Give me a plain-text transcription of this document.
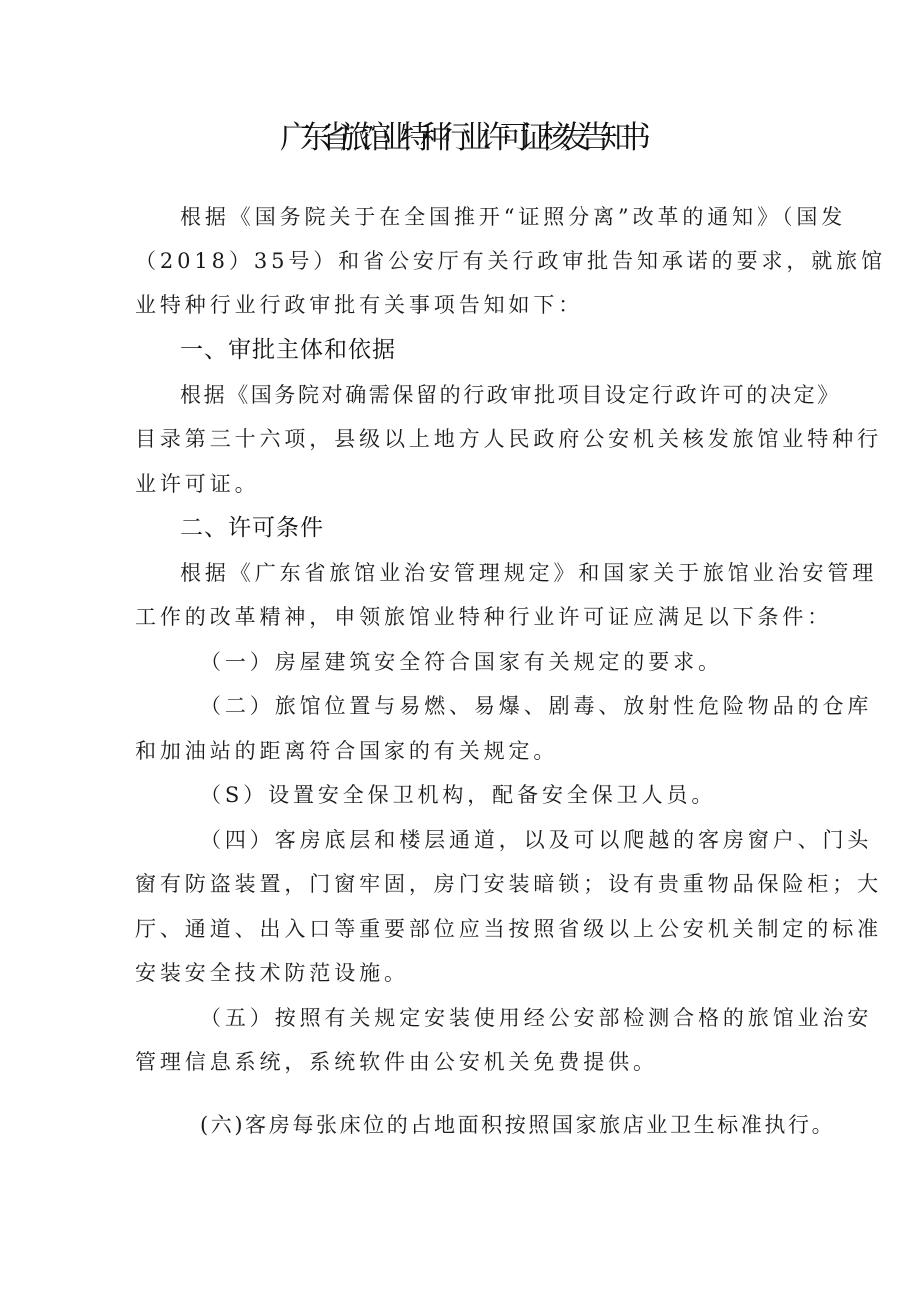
广东省旅馆业特种行业许可证核发告知书
根据《国务院关于在全国推开“证照分离”改革的通知》（国发
（2018）35号）和省公安厅有关行政审批告知承诺的要求，就旅馆
业特种行业行政审批有关事项告知如下：
一、审批主体和依据
根据《国务院对确需保留的行政审批项目设定行政许可的决定》
目录第三十六项，县级以上地方人民政府公安机关核发旅馆业特种行
业许可证。
二、许可条件
根据《广东省旅馆业治安管理规定》和国家关于旅馆业治安管理
工作的改革精神，申领旅馆业特种行业许可证应满足以下条件：
（一）房屋建筑安全符合国家有关规定的要求。
（二）旅馆位置与易燃、易爆、剧毒、放射性危险物品的仓库
和加油站的距离符合国家的有关规定。
（S）设置安全保卫机构，配备安全保卫人员。
（四）客房底层和楼层通道，以及可以爬越的客房窗户、门头
窗有防盗装置，门窗牢固，房门安装暗锁；设有贵重物品保险柜；大
厅、通道、出入口等重要部位应当按照省级以上公安机关制定的标准
安装安全技术防范设施。
（五）按照有关规定安装使用经公安部检测合格的旅馆业治安
管理信息系统，系统软件由公安机关免费提供。
(六)客房每张床位的占地面积按照国家旅店业卫生标准执行。
